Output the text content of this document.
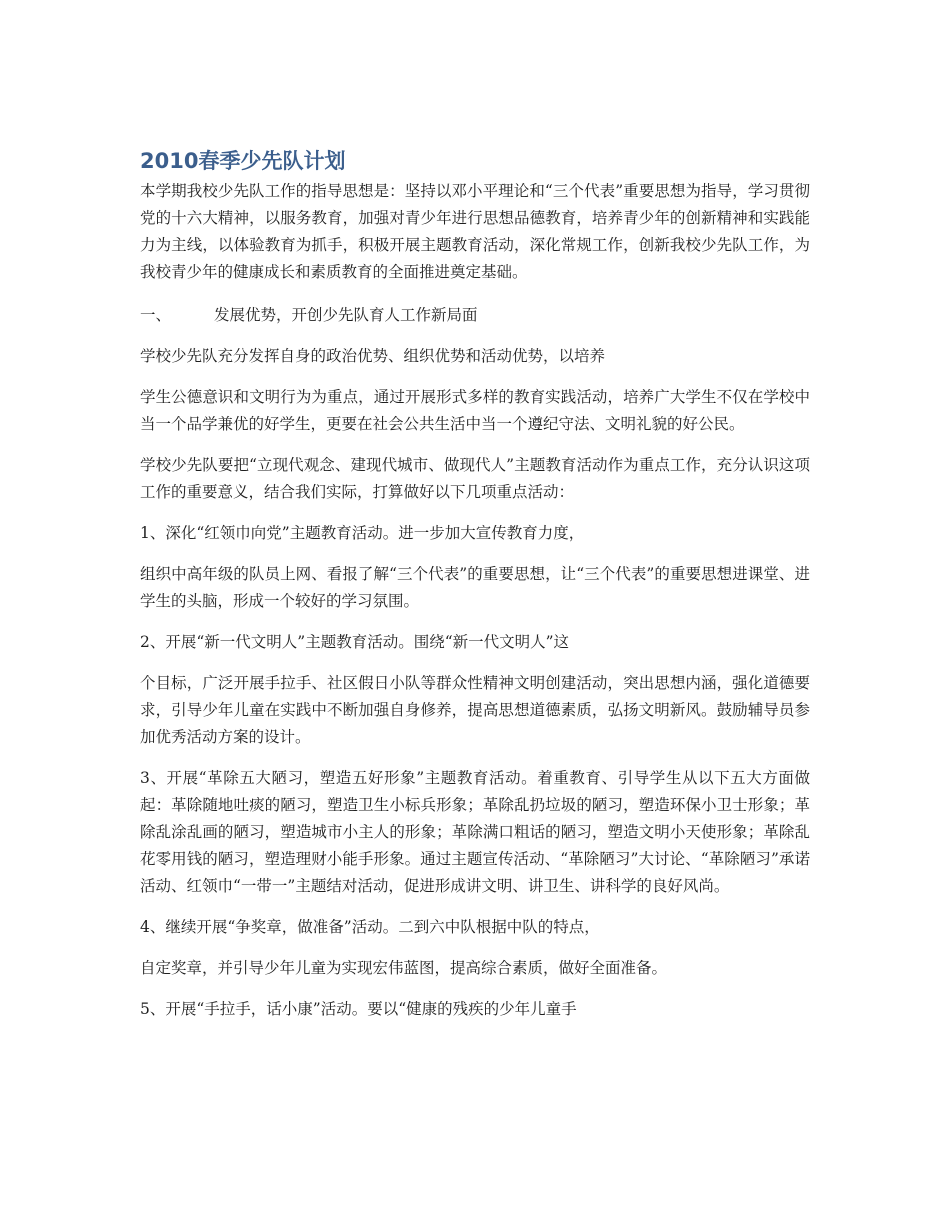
2010春季少先队计划

本学期我校少先队工作的指导思想是：坚持以邓小平理论和“三个代表”重要思想为指导，学习贯彻党的十六大精神，以服务教育，加强对青少年进行思想品德教育，培养青少年的创新精神和实践能力为主线，以体验教育为抓手，积极开展主题教育活动，深化常规工作，创新我校少先队工作，为我校青少年的健康成长和素质教育的全面推进奠定基础。

一、	发展优势，开创少先队育人工作新局面

学校少先队充分发挥自身的政治优势、组织优势和活动优势，以培养

学生公德意识和文明行为为重点，通过开展形式多样的教育实践活动，培养广大学生不仅在学校中当一个品学兼优的好学生，更要在社会公共生活中当一个遵纪守法、文明礼貌的好公民。

学校少先队要把“立现代观念、建现代城市、做现代人”主题教育活动作为重点工作，充分认识这项工作的重要意义，结合我们实际，打算做好以下几项重点活动：

1、深化“红领巾向党”主题教育活动。进一步加大宣传教育力度，

组织中高年级的队员上网、看报了解“三个代表”的重要思想，让“三个代表”的重要思想进课堂、进学生的头脑，形成一个较好的学习氛围。

2、开展“新一代文明人”主题教育活动。围绕“新一代文明人”这

个目标，广泛开展手拉手、社区假日小队等群众性精神文明创建活动，突出思想内涵，强化道德要求，引导少年儿童在实践中不断加强自身修养，提高思想道德素质，弘扬文明新风。鼓励辅导员参加优秀活动方案的设计。

3、开展“革除五大陋习，塑造五好形象”主题教育活动。着重教育、引导学生从以下五大方面做起：革除随地吐痰的陋习，塑造卫生小标兵形象；革除乱扔垃圾的陋习，塑造环保小卫士形象；革除乱涂乱画的陋习，塑造城市小主人的形象；革除满口粗话的陋习，塑造文明小天使形象；革除乱花零用钱的陋习，塑造理财小能手形象。通过主题宣传活动、“革除陋习”大讨论、“革除陋习”承诺活动、红领巾“一带一”主题结对活动，促进形成讲文明、讲卫生、讲科学的良好风尚。

4、继续开展“争奖章，做准备”活动。二到六中队根据中队的特点，

自定奖章，并引导少年儿童为实现宏伟蓝图，提高综合素质，做好全面准备。

5、开展“手拉手，话小康”活动。要以“健康的残疾的少年儿童手
